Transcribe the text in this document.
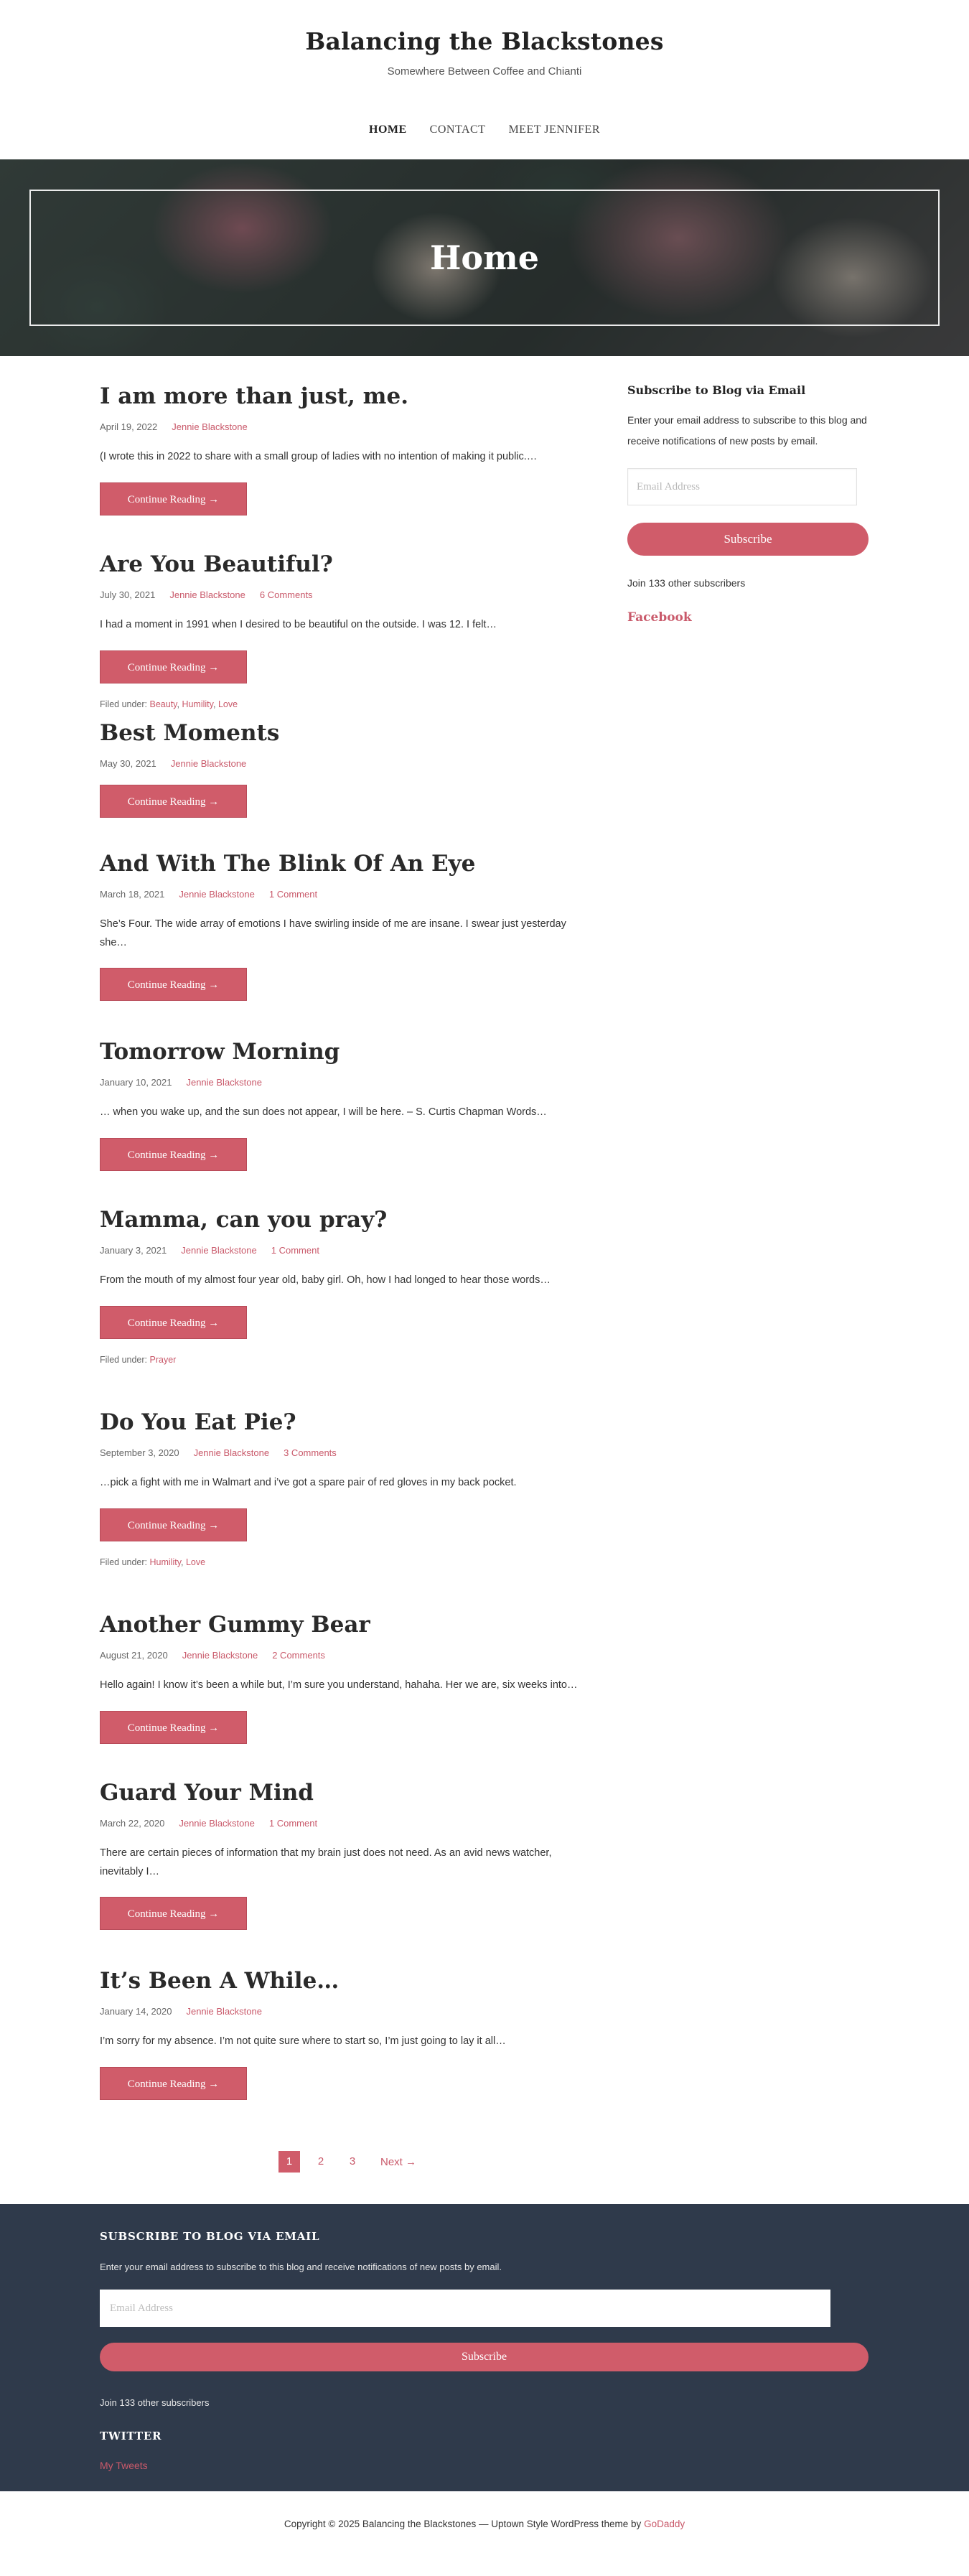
Balancing the Blackstones
Somewhere Between Coffee and Chianti
HOME CONTACT MEET JENNIFER
Home
I am more than just, me.
April 19, 2022 Jennie Blackstone

(I wrote this in 2022 to share with a small group of ladies with no intention of making it public.…

Continue Reading →
Are You Beautiful?
July 30, 2021 Jennie Blackstone 6 Comments

I had a moment in 1991 when I desired to be beautiful on the outside. I was 12. I felt…

Continue Reading →
Filed under: Beauty, Humility, Love
Best Moments
May 30, 2021 Jennie Blackstone
Continue Reading →
And With The Blink Of An Eye
March 18, 2021 Jennie Blackstone 1 Comment

She’s Four. The wide array of emotions I have swirling inside of me are insane. I swear just yesterday she…

Continue Reading →
Tomorrow Morning
January 10, 2021 Jennie Blackstone

… when you wake up, and the sun does not appear, I will be here. – S. Curtis Chapman Words…

Continue Reading →
Mamma, can you pray?
January 3, 2021 Jennie Blackstone 1 Comment

From the mouth of my almost four year old, baby girl. Oh, how I had longed to hear those words…

Continue Reading →
Filed under: Prayer
Do You Eat Pie?
September 3, 2020 Jennie Blackstone 3 Comments

…pick a fight with me in Walmart and i’ve got a spare pair of red gloves in my back pocket.

Continue Reading →
Filed under: Humility, Love
Another Gummy Bear
August 21, 2020 Jennie Blackstone 2 Comments

Hello again! I know it’s been a while but, I’m sure you understand, hahaha. Her we are, six weeks into…

Continue Reading →
Guard Your Mind
March 22, 2020 Jennie Blackstone 1 Comment

There are certain pieces of information that my brain just does not need. As an avid news watcher, inevitably I…

Continue Reading →
It’s Been A While…
January 14, 2020 Jennie Blackstone

I’m sorry for my absence. I’m not quite sure where to start so, I’m just going to lay it all…

Continue Reading →
1	2	3	Next →
Subscribe to Blog via Email

Enter your email address to subscribe to this blog and receive notifications of new posts by email.

Email Address
Subscribe
Join 133 other subscribers
Facebook
SUBSCRIBE TO BLOG VIA EMAIL

Enter your email address to subscribe to this blog and receive notifications of new posts by email.

Email Address
Subscribe
Join 133 other subscribers
TWITTER
My Tweets

Copyright © 2025 Balancing the Blackstones — Uptown Style WordPress theme by GoDaddy
